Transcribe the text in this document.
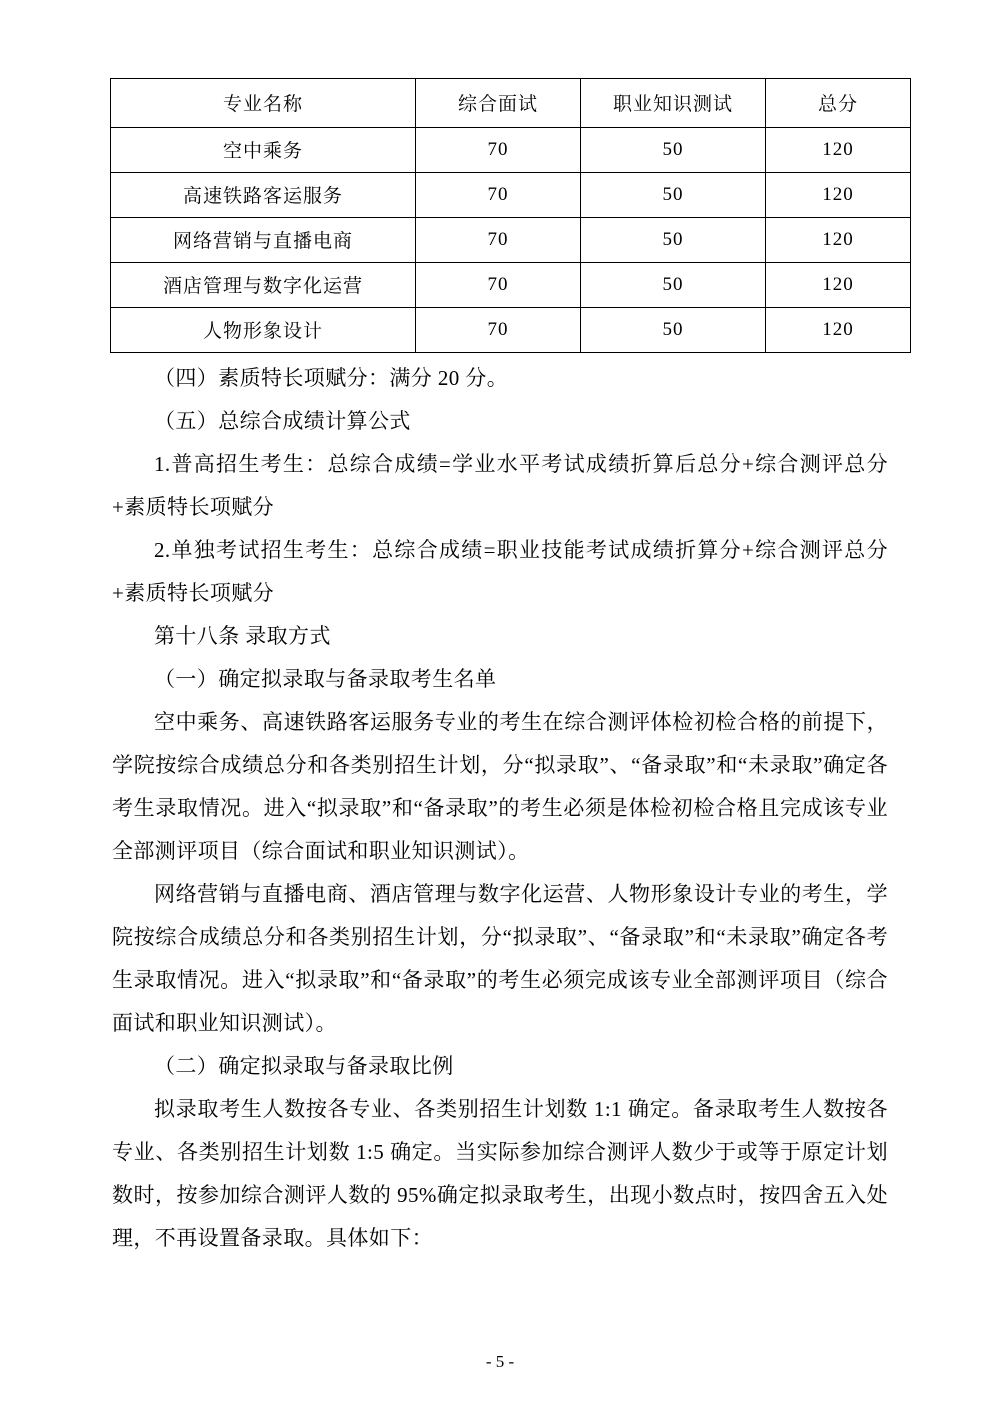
专业名称	综合面试	职业知识测试	总分
空中乘务	70	50	120
高速铁路客运服务	70	50	120
网络营销与直播电商	70	50	120
酒店管理与数字化运营	70	50	120
人物形象设计	70	50	120

（四）素质特长项赋分：满分 20 分。

（五）总综合成绩计算公式

1.普高招生考生：总综合成绩=学业水平考试成绩折算后总分+综合测评总分+素质特长项赋分

2.单独考试招生考生：总综合成绩=职业技能考试成绩折算分+综合测评总分+素质特长项赋分

第十八条 录取方式

（一）确定拟录取与备录取考生名单

空中乘务、高速铁路客运服务专业的考生在综合测评体检初检合格的前提下，学院按综合成绩总分和各类别招生计划，分“拟录取”、“备录取”和“未录取”确定各考生录取情况。进入“拟录取”和“备录取”的考生必须是体检初检合格且完成该专业全部测评项目（综合面试和职业知识测试）。

网络营销与直播电商、酒店管理与数字化运营、人物形象设计专业的考生，学院按综合成绩总分和各类别招生计划，分“拟录取”、“备录取”和“未录取”确定各考生录取情况。进入“拟录取”和“备录取”的考生必须完成该专业全部测评项目（综合面试和职业知识测试）。

（二）确定拟录取与备录取比例

拟录取考生人数按各专业、各类别招生计划数 1:1 确定。备录取考生人数按各专业、各类别招生计划数 1:5 确定。当实际参加综合测评人数少于或等于原定计划数时，按参加综合测评人数的 95%确定拟录取考生，出现小数点时，按四舍五入处理，不再设置备录取。具体如下：

- 5 -
